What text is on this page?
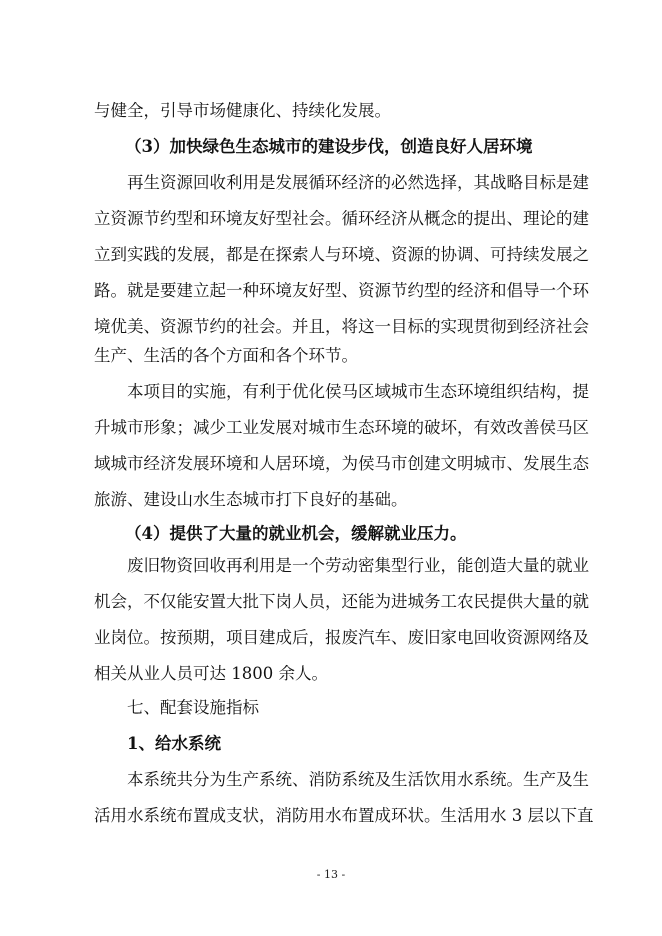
与健全，引导市场健康化、持续化发展。
（3）加快绿色生态城市的建设步伐，创造良好人居环境
再生资源回收利用是发展循环经济的必然选择，其战略目标是建
立资源节约型和环境友好型社会。循环经济从概念的提出、理论的建
立到实践的发展，都是在探索人与环境、资源的协调、可持续发展之
路。就是要建立起一种环境友好型、资源节约型的经济和倡导一个环
境优美、资源节约的社会。并且，将这一目标的实现贯彻到经济社会
生产、生活的各个方面和各个环节。
本项目的实施，有利于优化侯马区域城市生态环境组织结构，提
升城市形象；减少工业发展对城市生态环境的破坏，有效改善侯马区
域城市经济发展环境和人居环境，为侯马市创建文明城市、发展生态
旅游、建设山水生态城市打下良好的基础。
（4）提供了大量的就业机会，缓解就业压力。
废旧物资回收再利用是一个劳动密集型行业，能创造大量的就业
机会，不仅能安置大批下岗人员，还能为进城务工农民提供大量的就
业岗位。按预期，项目建成后，报废汽车、废旧家电回收资源网络及
相关从业人员可达 1800 余人。
七、配套设施指标
1、给水系统
本系统共分为生产系统、消防系统及生活饮用水系统。生产及生
活用水系统布置成支状，消防用水布置成环状。生活用水 3 层以下直
- 13 -
